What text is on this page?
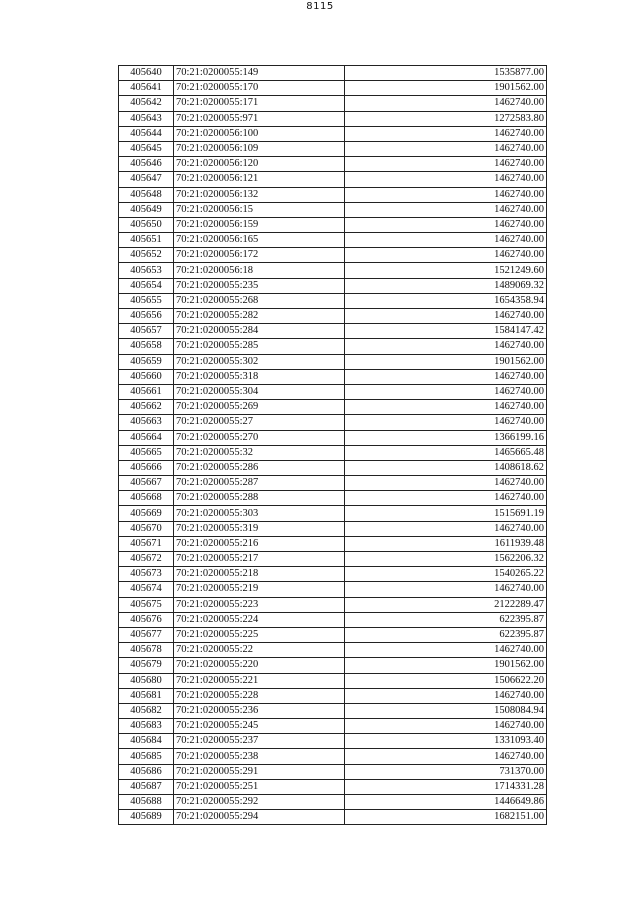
8115
405640	70:21:0200055:149	1535877.00
405641	70:21:0200055:170	1901562.00
405642	70:21:0200055:171	1462740.00
405643	70:21:0200055:971	1272583.80
405644	70:21:0200056:100	1462740.00
405645	70:21:0200056:109	1462740.00
405646	70:21:0200056:120	1462740.00
405647	70:21:0200056:121	1462740.00
405648	70:21:0200056:132	1462740.00
405649	70:21:0200056:15	1462740.00
405650	70:21:0200056:159	1462740.00
405651	70:21:0200056:165	1462740.00
405652	70:21:0200056:172	1462740.00
405653	70:21:0200056:18	1521249.60
405654	70:21:0200055:235	1489069.32
405655	70:21:0200055:268	1654358.94
405656	70:21:0200055:282	1462740.00
405657	70:21:0200055:284	1584147.42
405658	70:21:0200055:285	1462740.00
405659	70:21:0200055:302	1901562.00
405660	70:21:0200055:318	1462740.00
405661	70:21:0200055:304	1462740.00
405662	70:21:0200055:269	1462740.00
405663	70:21:0200055:27	1462740.00
405664	70:21:0200055:270	1366199.16
405665	70:21:0200055:32	1465665.48
405666	70:21:0200055:286	1408618.62
405667	70:21:0200055:287	1462740.00
405668	70:21:0200055:288	1462740.00
405669	70:21:0200055:303	1515691.19
405670	70:21:0200055:319	1462740.00
405671	70:21:0200055:216	1611939.48
405672	70:21:0200055:217	1562206.32
405673	70:21:0200055:218	1540265.22
405674	70:21:0200055:219	1462740.00
405675	70:21:0200055:223	2122289.47
405676	70:21:0200055:224	622395.87
405677	70:21:0200055:225	622395.87
405678	70:21:0200055:22	1462740.00
405679	70:21:0200055:220	1901562.00
405680	70:21:0200055:221	1506622.20
405681	70:21:0200055:228	1462740.00
405682	70:21:0200055:236	1508084.94
405683	70:21:0200055:245	1462740.00
405684	70:21:0200055:237	1331093.40
405685	70:21:0200055:238	1462740.00
405686	70:21:0200055:291	731370.00
405687	70:21:0200055:251	1714331.28
405688	70:21:0200055:292	1446649.86
405689	70:21:0200055:294	1682151.00
